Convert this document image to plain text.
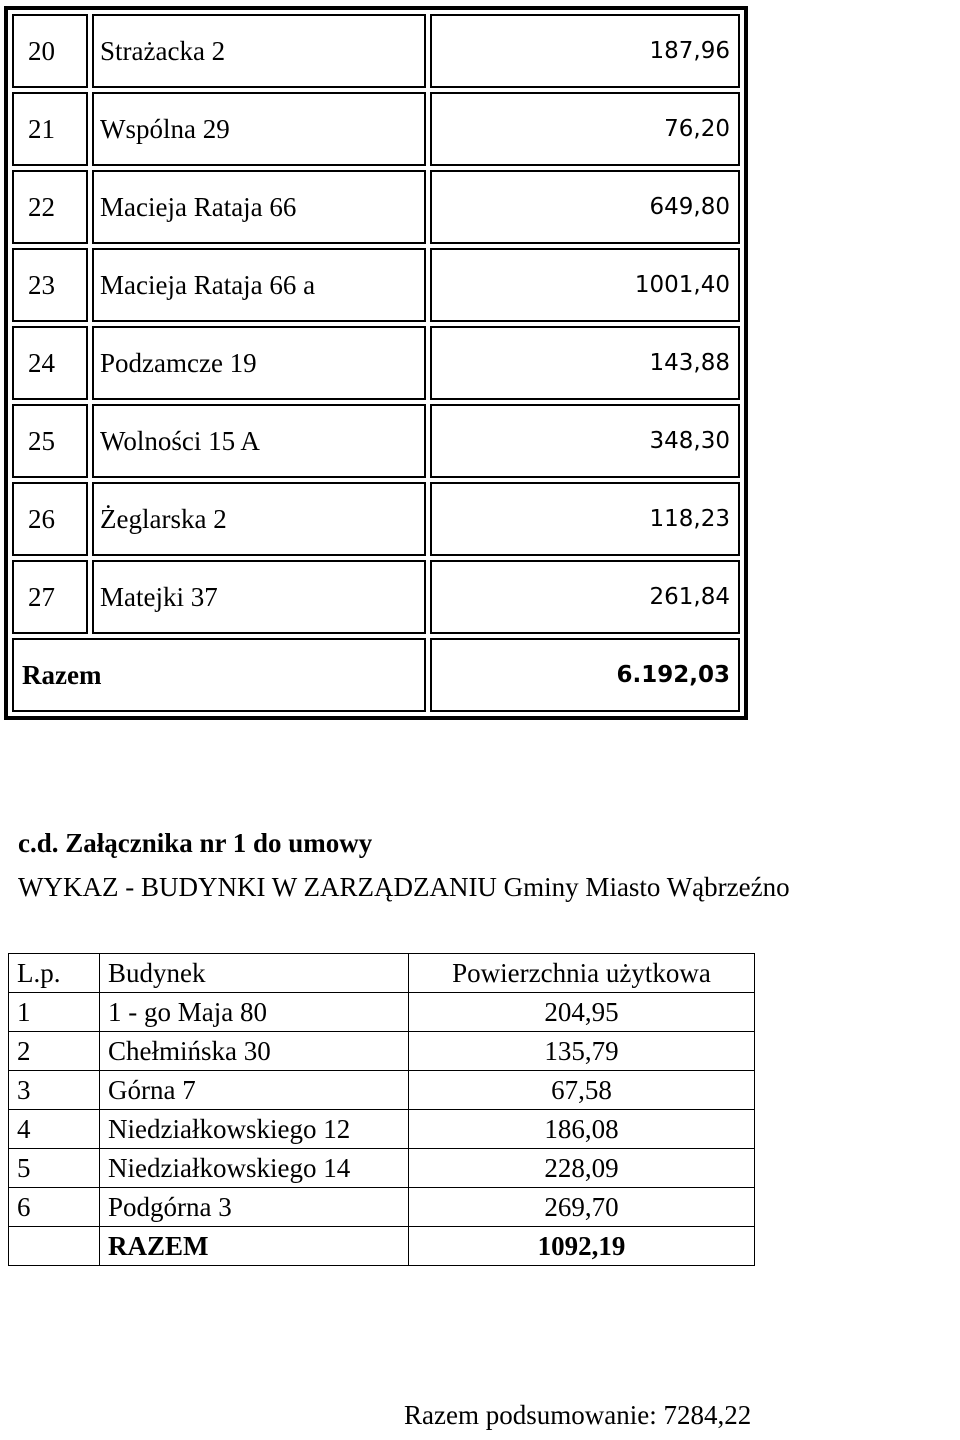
20	Strażacka 2	187,96
21	Wspólna 29	76,20
22	Macieja Rataja 66	649,80
23	Macieja Rataja 66 a	1001,40
24	Podzamcze 19	143,88
25	Wolności 15 A	348,30
26	Żeglarska 2	118,23
27	Matejki 37	261,84
Razem		6.192,03
c.d. Załącznika nr 1 do umowy
WYKAZ - BUDYNKI W ZARZĄDZANIU Gminy Miasto Wąbrzeźno
L.p.	Budynek	Powierzchnia użytkowa
1	1 - go Maja 80	204,95
2	Chełmińska 30	135,79
3	Górna 7	67,58
4	Niedziałkowskiego 12	186,08
5	Niedziałkowskiego 14	228,09
6	Podgórna 3	269,70
	RAZEM	1092,19
Razem podsumowanie: 7284,22
